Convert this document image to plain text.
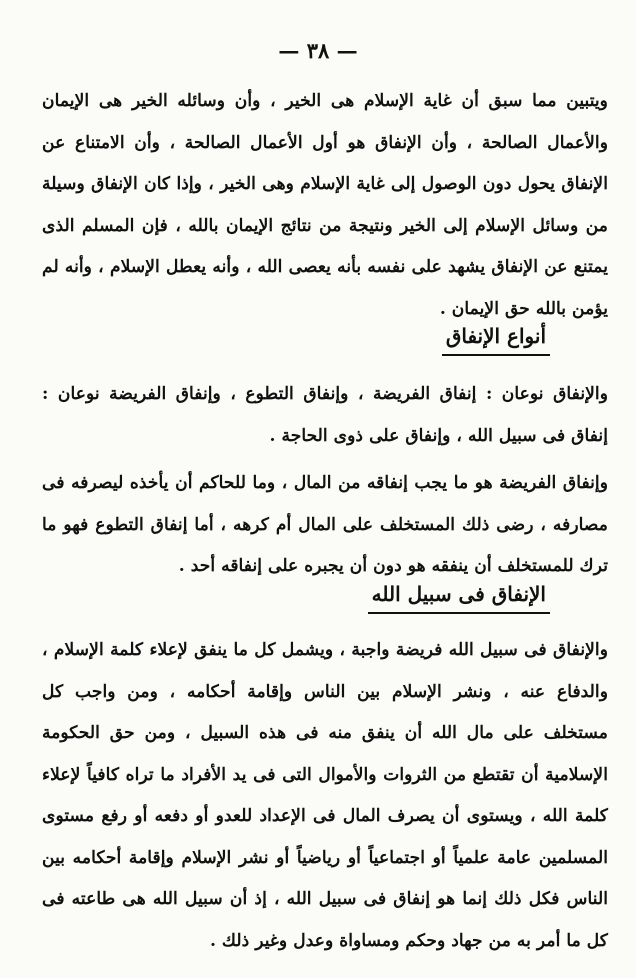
— ٣٨ —

ويتبين مما سبق أن غاية الإسلام هى الخير ، وأن وسائله الخير هى الإيمان والأعمال الصالحة ، وأن الإنفاق هو أول الأعمال الصالحة ، وأن الامتناع عن الإنفاق يحول دون الوصول إلى غاية الإسلام وهى الخير ، وإذا كان الإنفاق وسيلة من وسائل الإسلام إلى الخير ونتيجة من نتائج الإيمان بالله ، فإن المسلم الذى يمتنع عن الإنفاق يشهد على نفسه بأنه يعصى الله ، وأنه يعطل الإسلام ، وأنه لم يؤمن بالله حق الإيمان .

أنواع الإنفاق

والإنفاق نوعان : إنفاق الفريضة ، وإنفاق التطوع ، وإنفاق الفريضة نوعان : إنفاق فى سبيل الله ، وإنفاق على ذوى الحاجة .

وإنفاق الفريضة هو ما يجب إنفاقه من المال ، وما للحاكم أن يأخذه ليصرفه فى مصارفه ، رضى ذلك المستخلف على المال أم كرهه ، أما إنفاق التطوع فهو ما ترك للمستخلف أن ينفقه هو دون أن يجبره على إنفاقه أحد .

الإنفاق فى سبيل الله

والإنفاق فى سبيل الله فريضة واجبة ، ويشمل كل ما ينفق لإعلاء كلمة الإسلام ، والدفاع عنه ، ونشر الإسلام بين الناس وإقامة أحكامه ، ومن واجب كل مستخلف على مال الله أن ينفق منه فى هذه السبيل ، ومن حق الحكومة الإسلامية أن تقتطع من الثروات والأموال التى فى يد الأفراد ما تراه كافياً لإعلاء كلمة الله ، ويستوى أن يصرف المال فى الإعداد للعدو أو دفعه أو رفع مستوى المسلمين عامة علمياً أو اجتماعياً أو رياضياً أو نشر الإسلام وإقامة أحكامه بين الناس فكل ذلك إنما هو إنفاق فى سبيل الله ، إذ أن سبيل الله هى طاعته فى كل ما أمر به من جهاد وحكم ومساواة وعدل وغير ذلك .
